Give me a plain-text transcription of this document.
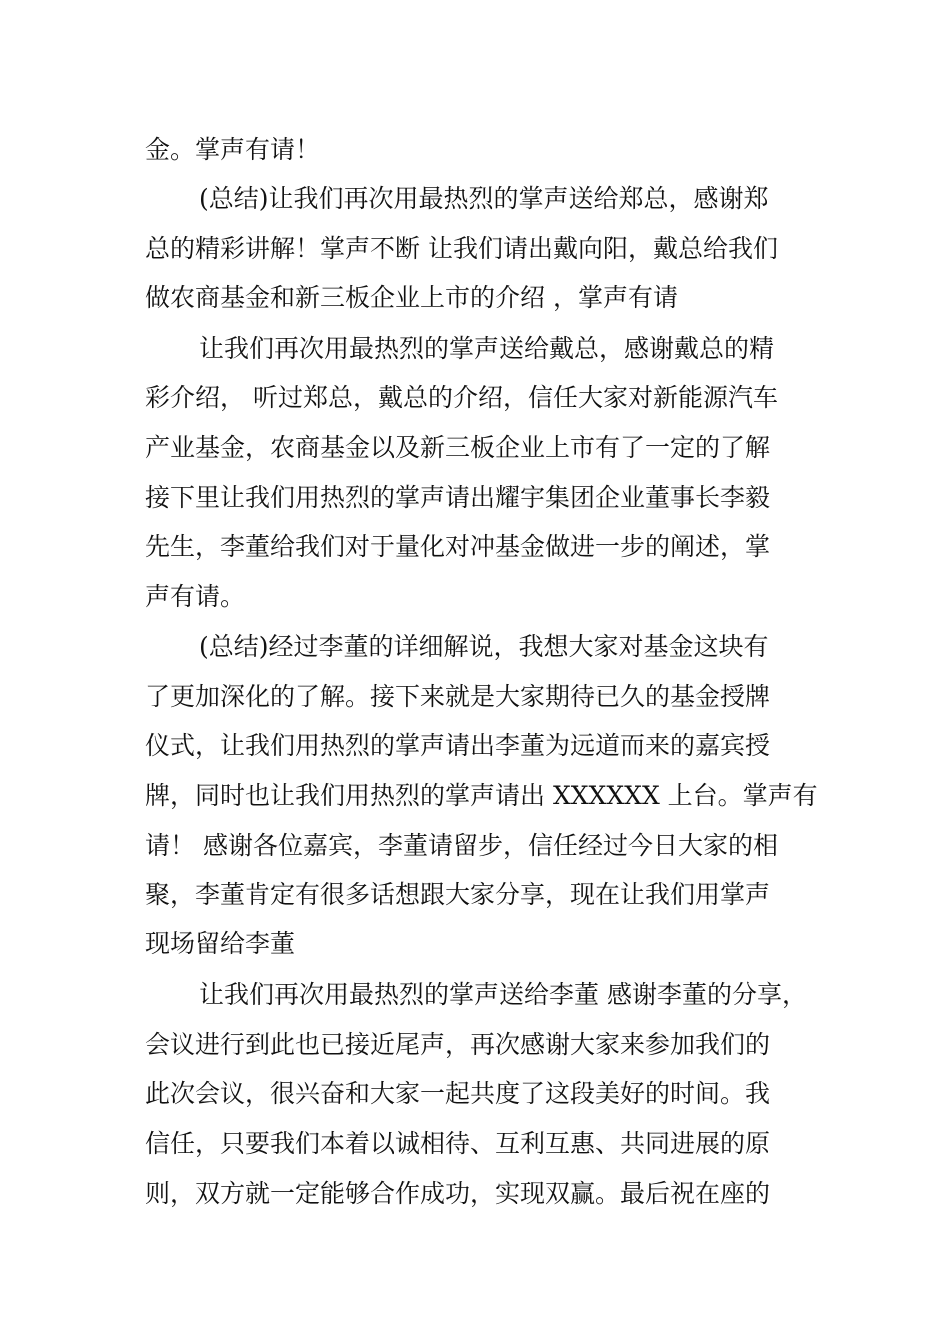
金。掌声有请！
(总结)让我们再次用最热烈的掌声送给郑总，感谢郑
总的精彩讲解！掌声不断 让我们请出戴向阳，戴总给我们
做农商基金和新三板企业上市的介绍 ，掌声有请
让我们再次用最热烈的掌声送给戴总，感谢戴总的精
彩介绍， 听过郑总，戴总的介绍，信任大家对新能源汽车
产业基金，农商基金以及新三板企业上市有了一定的了解
接下里让我们用热烈的掌声请出耀宇集团企业董事长李毅
先生，李董给我们对于量化对冲基金做进一步的阐述，掌
声有请。
(总结)经过李董的详细解说，我想大家对基金这块有
了更加深化的了解。接下来就是大家期待已久的基金授牌
仪式，让我们用热烈的掌声请出李董为远道而来的嘉宾授
牌，同时也让我们用热烈的掌声请出 XXXXXX 上台。掌声有
请！ 感谢各位嘉宾，李董请留步，信任经过今日大家的相
聚，李董肯定有很多话想跟大家分享，现在让我们用掌声
现场留给李董
让我们再次用最热烈的掌声送给李董 感谢李董的分享，
会议进行到此也已接近尾声，再次感谢大家来参加我们的
此次会议，很兴奋和大家一起共度了这段美好的时间。我
信任，只要我们本着以诚相待、互利互惠、共同进展的原
则，双方就一定能够合作成功，实现双赢。最后祝在座的
